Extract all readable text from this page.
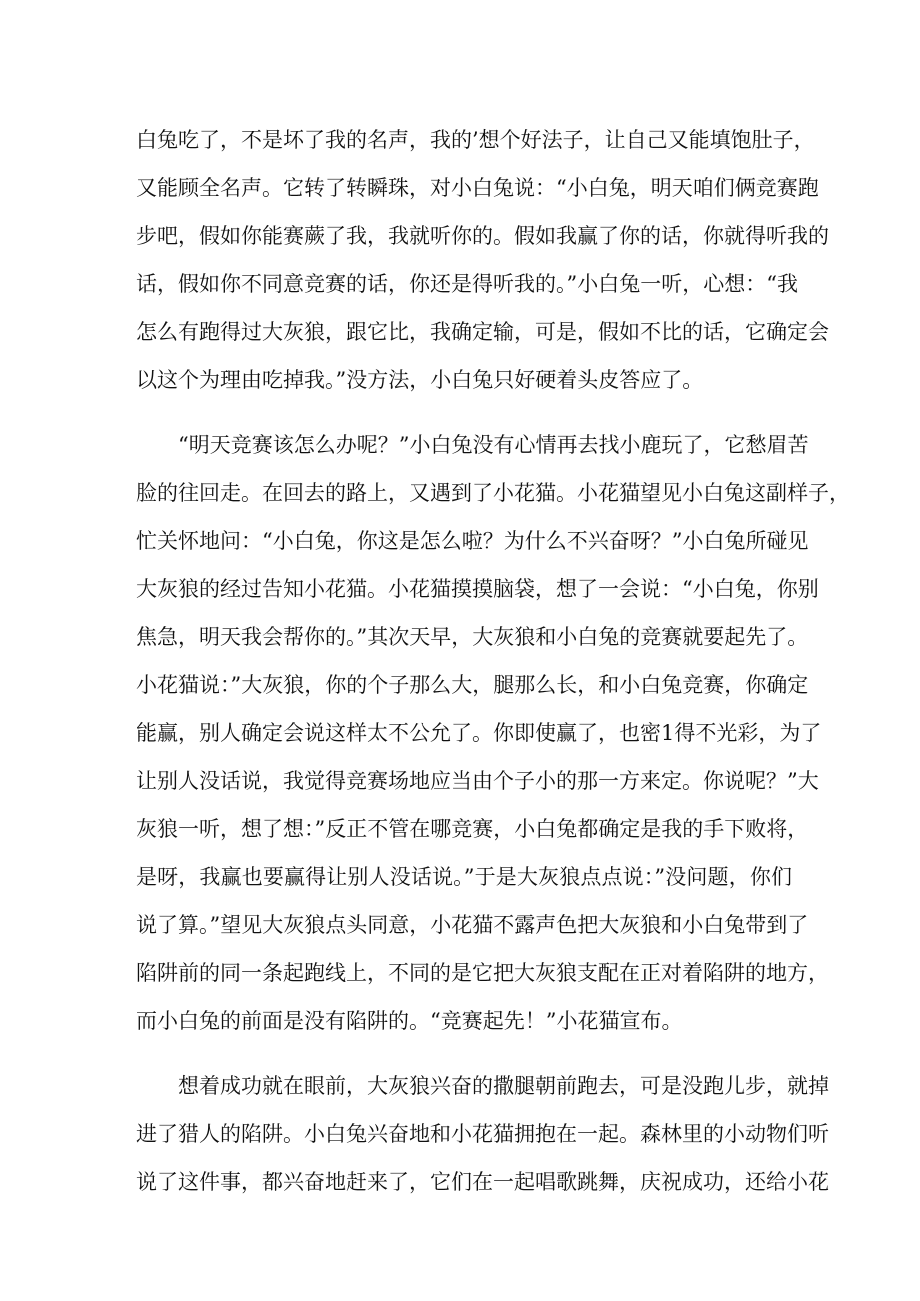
白兔吃了，不是坏了我的名声，我的’想个好法子，让自己又能填饱肚子，
又能顾全名声。它转了转瞬珠，对小白兔说：“小白兔，明天咱们俩竞赛跑
步吧，假如你能赛蕨了我，我就听你的。假如我赢了你的话，你就得听我的
话，假如你不同意竞赛的话，你还是得听我的。”小白兔一听，心想：“我
怎么有跑得过大灰狼，跟它比，我确定输，可是，假如不比的话，它确定会
以这个为理由吃掉我。”没方法，小白兔只好硬着头皮答应了。
“明天竞赛该怎么办呢？”小白兔没有心情再去找小鹿玩了，它愁眉苦
脸的往回走。在回去的路上，又遇到了小花猫。小花猫望见小白兔这副样子，
忙关怀地问：“小白兔，你这是怎么啦？为什么不兴奋呀？”小白兔所碰见
大灰狼的经过告知小花猫。小花猫摸摸脑袋，想了一会说：“小白兔，你别
焦急，明天我会帮你的。”其次天早，大灰狼和小白兔的竞赛就要起先了。
小花猫说：”大灰狼，你的个子那么大，腿那么长，和小白兔竞赛，你确定
能赢，别人确定会说这样太不公允了。你即使赢了，也密1得不光彩，为了
让别人没话说，我觉得竞赛场地应当由个子小的那一方来定。你说呢？”大
灰狼一听，想了想：”反正不管在哪竞赛，小白兔都确定是我的手下败将，
是呀，我赢也要赢得让别人没话说。”于是大灰狼点点说：”没问题，你们
说了算。”望见大灰狼点头同意，小花猫不露声色把大灰狼和小白兔带到了
陷阱前的同一条起跑线上，不同的是它把大灰狼支配在正对着陷阱的地方，
而小白兔的前面是没有陷阱的。“竞赛起先！”小花猫宣布。
想着成功就在眼前，大灰狼兴奋的撒腿朝前跑去，可是没跑儿步，就掉
进了猎人的陷阱。小白兔兴奋地和小花猫拥抱在一起。森林里的小动物们听
说了这件事，都兴奋地赶来了，它们在一起唱歌跳舞，庆祝成功，还给小花
